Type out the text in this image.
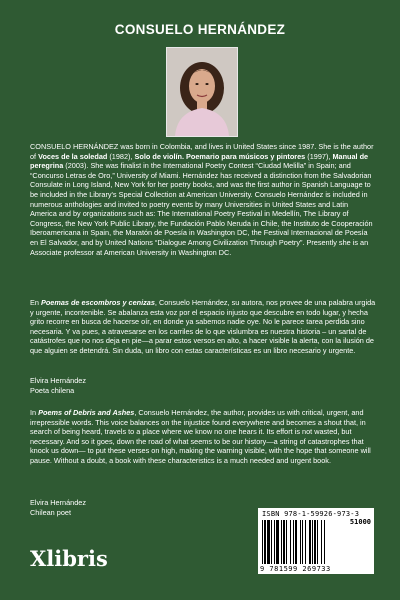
CONSUELO HERNÁNDEZ
CONSUELO HERNÁNDEZ was born in Colombia, and lives in United States since 1987. She is the author of Voces de la soledad (1982), Solo de violín. Poemario para músicos y pintores (1997), Manual de peregrina (2003). She was finalist in the International Poetry Contest “Ciudad Melilla” in Spain; and “Concurso Letras de Oro,” University of Miami. Hernández has received a distinction from the Salvadorian Consulate in Long Island, New York for her poetry books, and was the first author in Spanish Language to be included in the Library's Special Collection at American University. Consuelo Hernández is included in numerous anthologies and invited to poetry events by many Universities in United States and Latin America and by organizations such as: The International Poetry Festival in Medellín, The Library of Congress, the New York Public Library, the Fundación Pablo Neruda in Chile, the Instituto de Cooperación Iberoamericana in Spain, the Maratón de Poesía in Washington DC, the Festival Internacional de Poesía en El Salvador, and by United Nations “Dialogue Among Civilization Through Poetry”. Presently she is an Associate professor at American University in Washington DC.
En Poemas de escombros y cenizas, Consuelo Hernández, su autora, nos provee de una palabra urgida y urgente, incontenible. Se abalanza esta voz por el espacio injusto que descubre en todo lugar, y hecha grito recorre en busca de hacerse oír, en donde ya sabemos nadie oye. No le parece tarea perdida sino necesaria. Y va pues, a atravesarse en los carriles de lo que vislumbra es nuestra historia – un sartal de catástrofes que no nos deja en pie—a parar estos versos en alto, a hacer visible la alerta, con la ilusión de que alguien se detendrá. Sin duda, un libro con estas características es un libro necesario y urgente.
Elvira Hernández
Poeta chilena
In Poems of Debris and Ashes, Consuelo Hernández, the author, provides us with critical, urgent, and irrepressible words. This voice balances on the injustice found everywhere and becomes a shout that, in search of being heard, travels to a place where we know no one hears it. Its effort is not wasted, but necessary. And so it goes, down the road of what seems to be our history—a string of catastrophes that knock us down— to put these verses on high, making the warning visible, with the hope that someone will pause. Without a doubt, a book with these characteristics is a much needed and urgent book.
Elvira Hernández
Chilean poet
Xlibris
ISBN 978-1-59926-973-3
51000
9 781599 269733
